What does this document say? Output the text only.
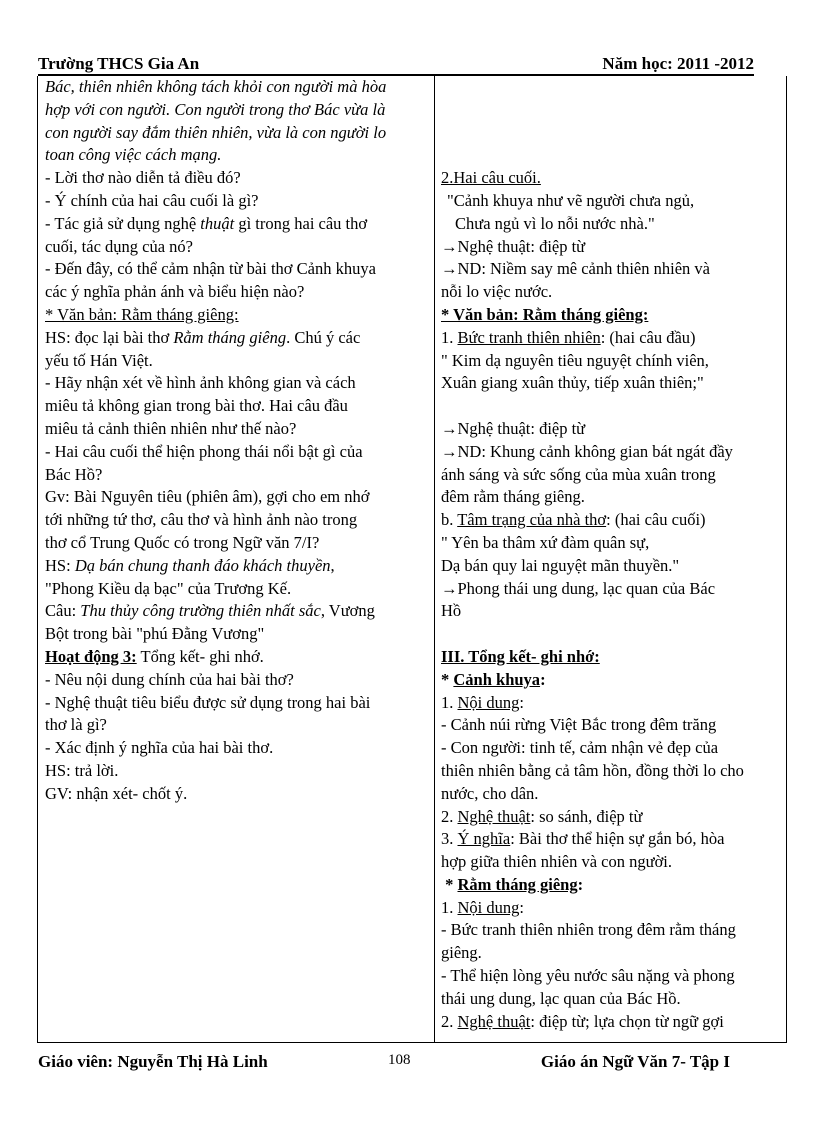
Trường THCS Gia An	Năm học: 2011 -2012
Bác, thiên nhiên không tách khỏi con người mà hòa
hợp với con người. Con người trong thơ Bác vừa là
con người say đắm thiên nhiên, vừa là con người lo
toan công việc cách mạng.
- Lời thơ nào diễn tả điều đó?
- Ý chính của hai câu cuối là gì?
- Tác giả sử dụng nghệ thuật gì trong hai câu thơ
cuối, tác dụng của nó?
- Đến đây, có thể cảm nhận từ bài thơ Cảnh khuya
các ý nghĩa phản ánh và biểu hiện nào?
* Văn bản: Rằm tháng giêng:
HS: đọc lại bài thơ Rằm tháng giêng. Chú ý các
yếu tố Hán Việt.
- Hãy nhận xét về hình ảnh không gian và cách
miêu tả không gian trong bài thơ. Hai câu đầu
miêu tả cảnh thiên nhiên như thế nào?
- Hai câu cuối thể hiện phong thái nổi bật gì của
Bác Hồ?
Gv: Bài Nguyên tiêu (phiên âm), gợi cho em nhớ
tới những tứ thơ, câu thơ và hình ảnh nào trong
thơ cổ Trung Quốc có trong Ngữ văn 7/I?
HS: Dạ bán chung thanh đáo khách thuyền,
"Phong Kiều dạ bạc" của Trương Kế.
Câu: Thu thủy công trường thiên nhất sắc, Vương
Bột trong bài "phú Đằng Vương"
Hoạt động 3: Tổng kết- ghi nhớ.
- Nêu nội dung chính của hai bài thơ?
- Nghệ thuật tiêu biểu được sử dụng trong hai bài
thơ là gì?
- Xác định ý nghĩa của hai bài thơ.
HS: trả lời.
GV: nhận xét- chốt ý.
2.Hai câu cuối.
"Cảnh khuya như vẽ người chưa ngủ,
Chưa ngủ vì lo nỗi nước nhà."
→Nghệ thuật: điệp từ
→ND: Niềm say mê cảnh thiên nhiên và
nỗi lo việc nước.
* Văn bản: Rằm tháng giêng:
1. Bức tranh thiên nhiên: (hai câu đầu)
" Kim dạ nguyên tiêu nguyệt chính viên,
Xuân giang xuân thủy, tiếp xuân thiên;"
→Nghệ thuật: điệp từ
→ND: Khung cảnh không gian bát ngát đầy
ánh sáng và sức sống của mùa xuân trong
đêm rằm tháng giêng.
b. Tâm trạng của nhà thơ: (hai câu cuối)
" Yên ba thâm xứ đàm quân sự,
Dạ bán quy lai nguyệt mãn thuyền."
→Phong thái ung dung, lạc quan của Bác
Hồ
III. Tổng kết- ghi nhớ:
* Cảnh khuya:
1. Nội dung:
- Cảnh núi rừng Việt Bắc trong đêm trăng
- Con người: tinh tế, cảm nhận vẻ đẹp của
thiên nhiên bằng cả tâm hồn, đồng thời lo cho
nước, cho dân.
2. Nghệ thuật: so sánh, điệp từ
3. Ý nghĩa: Bài thơ thể hiện sự gắn bó, hòa
hợp giữa thiên nhiên và con người.
* Rằm tháng giêng:
1. Nội dung:
- Bức tranh thiên nhiên trong đêm rằm tháng
giêng.
- Thể hiện lòng yêu nước sâu nặng và phong
thái ung dung, lạc quan của Bác Hồ.
2. Nghệ thuật: điệp từ; lựa chọn từ ngữ gợi
Giáo viên: Nguyễn Thị Hà Linh	108	Giáo án Ngữ Văn 7- Tập I
